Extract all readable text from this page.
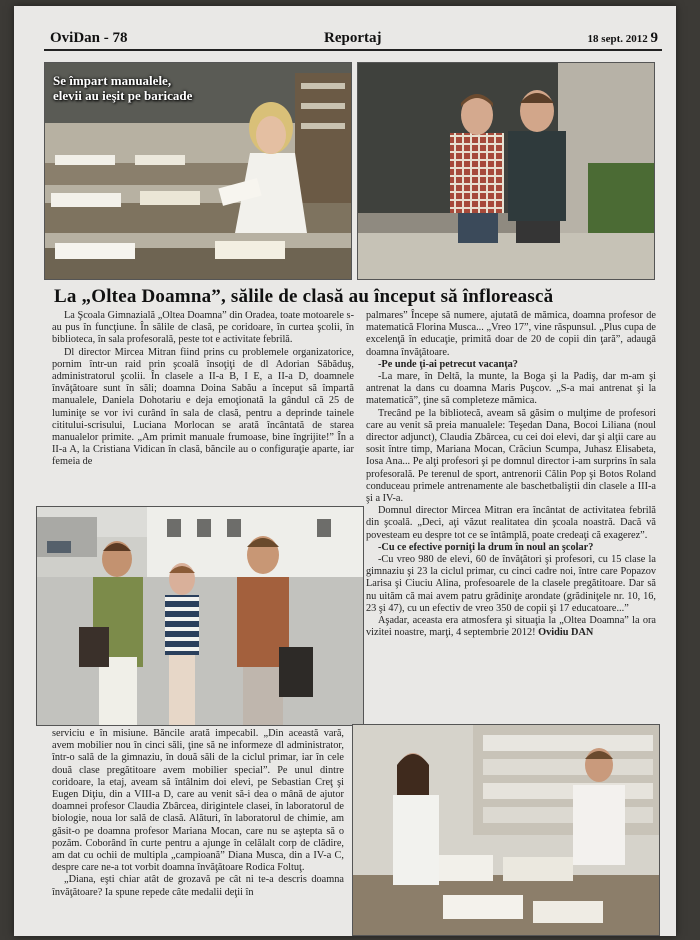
OviDan - 78	Reportaj	18 sept. 2012 9
Se împart manualele,
elevii au ieşit pe baricade
La „Oltea Doamna”, sălile de clasă au început să înflorească

La Şcoala Gimnazială „Oltea Doamna” din Oradea, toate motoarele s-au pus în funcţiune. În sălile de clasă, pe coridoare, în curtea şcolii, în biblioteca, în sala profesorală, peste tot e activitate febrilă.

Dl director Mircea Mitran fiind prins cu problemele organizatorice, pornim într-un raid prin şcoală însoţiţi de dl Adorian Săbăduş, administratorul şcolii. În clasele a II-a B, I E, a II-a D, doamnele învăţătoare sunt în săli; doamna Doina Sabău a început să împartă manualele, Daniela Dohotariu e deja emoţionată la gândul că 25 de luminiţe se vor ivi curând în sala de clasă, pentru a deprinde tainele cititului-scrisului, Luciana Morlocan se arată încântată de starea manualelor primite. „Am primit manuale frumoase, bine îngrijite!” În a II-a A, la Cristiana Vidican în clasă, băncile au o configuraţie aparte, iar femeia de

palmares” Începe să numere, ajutată de mămica, doamna profesor de matematică Florina Musca... „Vreo 17”, vine răspunsul. „Plus cupa de excelenţă în educaţie, primită doar de 20 de copii din ţară”, adaugă doamna învăţătoare.

-Pe unde ţi-ai petrecut vacanţa?

-La mare, în Deltă, la munte, la Boga şi la Padiş, dar m-am şi antrenat la dans cu doamna Maris Puşcov. „S-a mai antrenat şi la matematică”, ţine să completeze mămica.

Trecând pe la bibliotecă, aveam să găsim o mulţime de profesori care au venit să preia manualele: Teşedan Dana, Bocoi Liliana (noul director adjunct), Claudia Zbârcea, cu cei doi elevi, dar şi alţii care au sosit între timp, Mariana Mocan, Crăciun Scumpa, Juhasz Elisabeta, Iosa Ana... Pe alţi profesori şi pe domnul director i-am surprins în sala profesorală. Pe terenul de sport, antrenorii Călin Pop şi Botos Roland conduceau primele antrenamente ale baschetbaliştii din clasele a III-a şi a IV-a.

Domnul director Mircea Mitran era încântat de activitatea febrilă din şcoală. „Deci, aţi văzut realitatea din şcoala noastră. Dacă vă povesteam eu despre tot ce se întâmplă, poate credeaţi că exagerez”.

-Cu ce efective porniţi la drum în noul an şcolar?

-Cu vreo 980 de elevi, 60 de învăţători şi profesori, cu 15 clase la gimnaziu şi 23 la ciclul primar, cu cinci cadre noi, între care Popazov Larisa şi Ciuciu Alina, profesoarele de la clasele pregătitoare. Dar să nu uităm că mai avem patru grădiniţe arondate (grădiniţele nr. 10, 16, 23 şi 47), cu un efectiv de vreo 350 de copii şi 17 educatoare...”

Aşadar, aceasta era atmosfera şi situaţia la „Oltea Doamna” la ora vizitei noastre, marţi, 4 septembrie 2012! Ovidiu DAN

serviciu e în misiune. Băncile arată impecabil. „Din această vară, avem mobilier nou în cinci săli, ţine să ne informeze dl administrator, într-o sală de la gimnaziu, în două săli de la ciclul primar, iar în cele două clase pregătitoare avem mobilier special”. Pe unul dintre coridoare, la etaj, aveam să întâlnim doi elevi, pe Sebastian Creţ şi Eugen Diţiu, din a VIII-a D, care au venit să-i dea o mână de ajutor doamnei profesor Claudia Zbârcea, dirigintele clasei, în laboratorul de biologie, noua lor sală de clasă. Alături, în laboratorul de chimie, am găsit-o pe doamna profesor Mariana Mocan, care nu se aştepta să o pozăm. Coborând în curte pentru a ajunge în celălalt corp de clădire, am dat cu ochii de multipla „campioană” Diana Musca, din a IV-a C, despre care ne-a tot vorbit doamna învăţătoare Rodica Foltuţ.

„Diana, eşti chiar atât de grozavă pe cât ni te-a descris doamna învăţătoare? Ia spune repede câte medalii deţii în
